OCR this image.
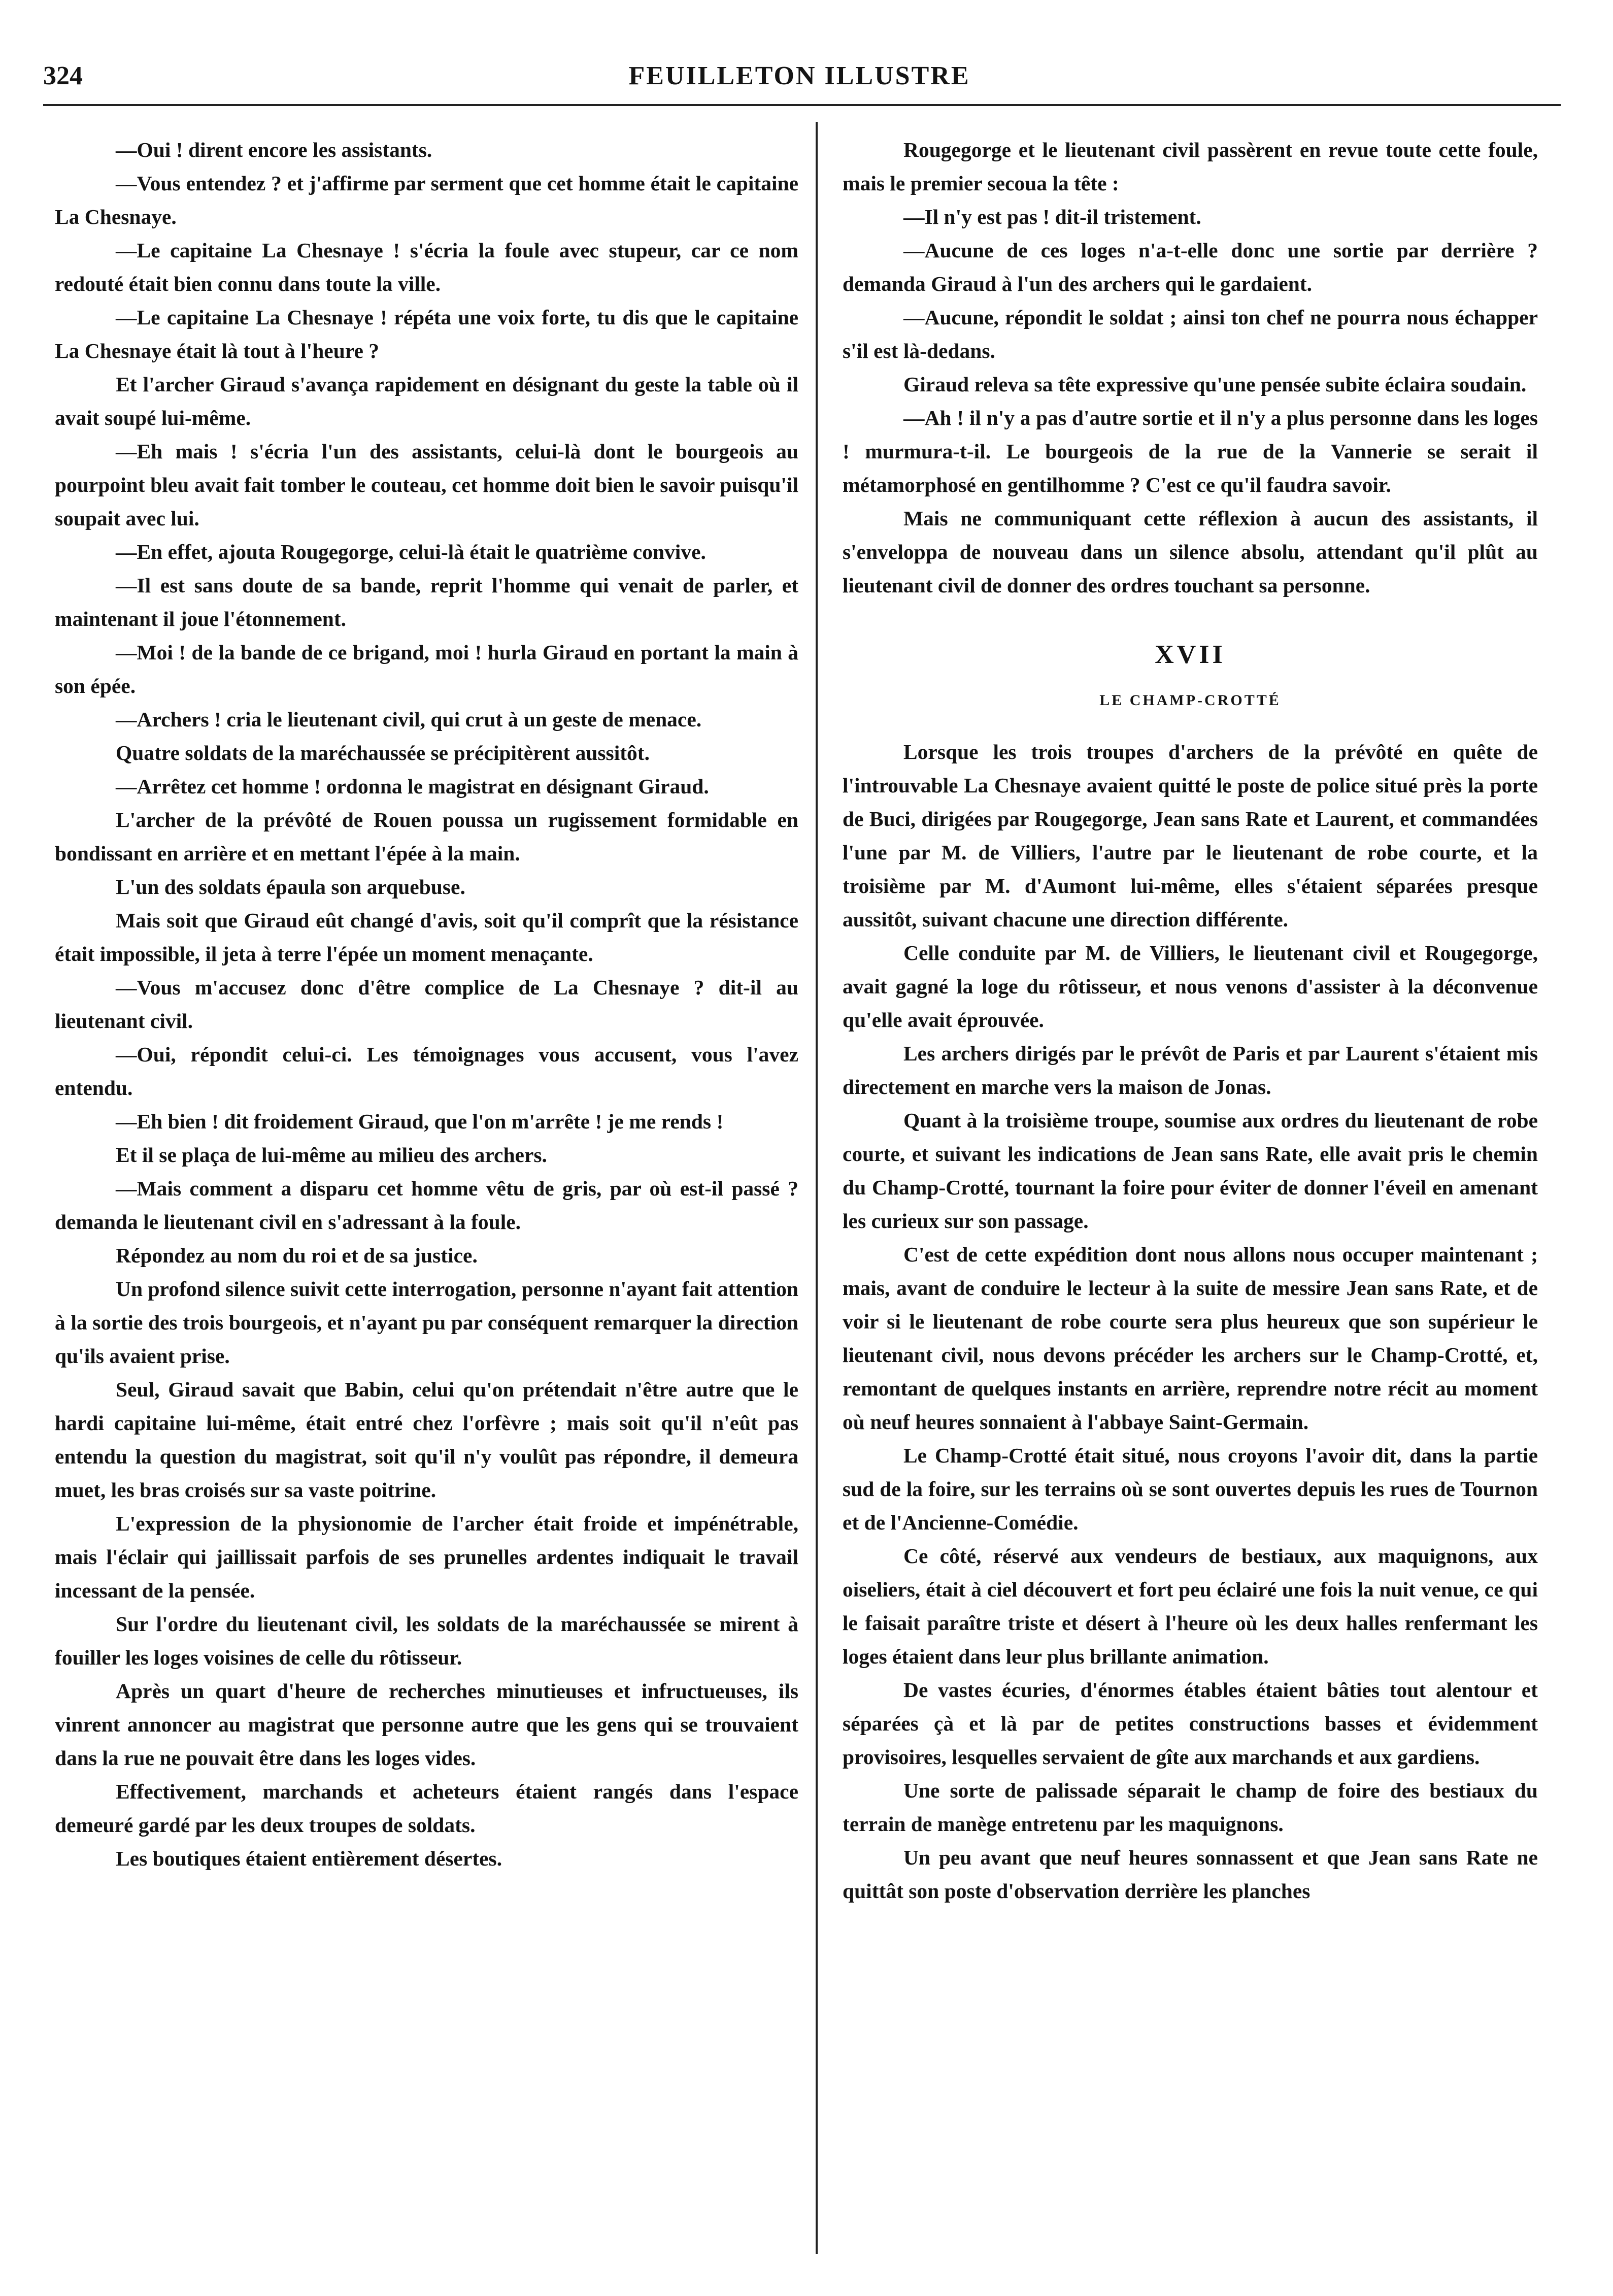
324	FEUILLETON ILLUSTRE

—Oui ! dirent encore les assistants.

—Vous entendez ? et j'affirme par serment que cet homme était le capitaine La Chesnaye.

—Le capitaine La Chesnaye ! s'écria la foule avec stupeur, car ce nom redouté était bien connu dans toute la ville.

—Le capitaine La Chesnaye ! répéta une voix forte, tu dis que le capitaine La Chesnaye était là tout à l'heure ?

Et l'archer Giraud s'avança rapidement en désignant du geste la table où il avait soupé lui-même.

—Eh mais ! s'écria l'un des assistants, celui-là dont le bourgeois au pourpoint bleu avait fait tomber le couteau, cet homme doit bien le savoir puisqu'il soupait avec lui.

—En effet, ajouta Rougegorge, celui-là était le quatrième convive.

—Il est sans doute de sa bande, reprit l'homme qui venait de parler, et maintenant il joue l'étonnement.

—Moi ! de la bande de ce brigand, moi ! hurla Giraud en portant la main à son épée.

—Archers ! cria le lieutenant civil, qui crut à un geste de menace.

Quatre soldats de la maréchaussée se précipitèrent aussitôt.

—Arrêtez cet homme ! ordonna le magistrat en désignant Giraud.

L'archer de la prévôté de Rouen poussa un rugissement formidable en bondissant en arrière et en mettant l'épée à la main.

L'un des soldats épaula son arquebuse.

Mais soit que Giraud eût changé d'avis, soit qu'il comprît que la résistance était impossible, il jeta à terre l'épée un moment menaçante.

—Vous m'accusez donc d'être complice de La Chesnaye ? dit-il au lieutenant civil.

—Oui, répondit celui-ci. Les témoignages vous accusent, vous l'avez entendu.

—Eh bien ! dit froidement Giraud, que l'on m'arrête ! je me rends !

Et il se plaça de lui-même au milieu des archers.

—Mais comment a disparu cet homme vêtu de gris, par où est-il passé ? demanda le lieutenant civil en s'adressant à la foule.

Répondez au nom du roi et de sa justice.

Un profond silence suivit cette interrogation, personne n'ayant fait attention à la sortie des trois bourgeois, et n'ayant pu par conséquent remarquer la direction qu'ils avaient prise.

Seul, Giraud savait que Babin, celui qu'on prétendait n'être autre que le hardi capitaine lui-même, était entré chez l'orfèvre ; mais soit qu'il n'eût pas entendu la question du magistrat, soit qu'il n'y voulût pas répondre, il demeura muet, les bras croisés sur sa vaste poitrine.

L'expression de la physionomie de l'archer était froide et impénétrable, mais l'éclair qui jaillissait parfois de ses prunelles ardentes indiquait le travail incessant de la pensée.

Sur l'ordre du lieutenant civil, les soldats de la maréchaussée se mirent à fouiller les loges voisines de celle du rôtisseur.

Après un quart d'heure de recherches minutieuses et infructueuses, ils vinrent annoncer au magistrat que personne autre que les gens qui se trouvaient dans la rue ne pouvait être dans les loges vides.

Effectivement, marchands et acheteurs étaient rangés dans l'espace demeuré gardé par les deux troupes de soldats.

Les boutiques étaient entièrement désertes.

Rougegorge et le lieutenant civil passèrent en revue toute cette foule, mais le premier secoua la tête :

—Il n'y est pas ! dit-il tristement.

—Aucune de ces loges n'a-t-elle donc une sortie par derrière ? demanda Giraud à l'un des archers qui le gardaient.

—Aucune, répondit le soldat ; ainsi ton chef ne pourra nous échapper s'il est là-dedans.

Giraud releva sa tête expressive qu'une pensée subite éclaira soudain.

—Ah ! il n'y a pas d'autre sortie et il n'y a plus personne dans les loges ! murmura-t-il. Le bourgeois de la rue de la Vannerie se serait il métamorphosé en gentilhomme ? C'est ce qu'il faudra savoir.

Mais ne communiquant cette réflexion à aucun des assistants, il s'enveloppa de nouveau dans un silence absolu, attendant qu'il plût au lieutenant civil de donner des ordres touchant sa personne.

XVII
LE CHAMP-CROTTÉ

Lorsque les trois troupes d'archers de la prévôté en quête de l'introuvable La Chesnaye avaient quitté le poste de police situé près la porte de Buci, dirigées par Rougegorge, Jean sans Rate et Laurent, et commandées l'une par M. de Villiers, l'autre par le lieutenant de robe courte, et la troisième par M. d'Aumont lui-même, elles s'étaient séparées presque aussitôt, suivant chacune une direction différente.

Celle conduite par M. de Villiers, le lieutenant civil et Rougegorge, avait gagné la loge du rôtisseur, et nous venons d'assister à la déconvenue qu'elle avait éprouvée.

Les archers dirigés par le prévôt de Paris et par Laurent s'étaient mis directement en marche vers la maison de Jonas.

Quant à la troisième troupe, soumise aux ordres du lieutenant de robe courte, et suivant les indications de Jean sans Rate, elle avait pris le chemin du Champ-Crotté, tournant la foire pour éviter de donner l'éveil en amenant les curieux sur son passage.

C'est de cette expédition dont nous allons nous occuper maintenant ; mais, avant de conduire le lecteur à la suite de messire Jean sans Rate, et de voir si le lieutenant de robe courte sera plus heureux que son supérieur le lieutenant civil, nous devons précéder les archers sur le Champ-Crotté, et, remontant de quelques instants en arrière, reprendre notre récit au moment où neuf heures sonnaient à l'abbaye Saint-Germain.

Le Champ-Crotté était situé, nous croyons l'avoir dit, dans la partie sud de la foire, sur les terrains où se sont ouvertes depuis les rues de Tournon et de l'Ancienne-Comédie.

Ce côté, réservé aux vendeurs de bestiaux, aux maquignons, aux oiseliers, était à ciel découvert et fort peu éclairé une fois la nuit venue, ce qui le faisait paraître triste et désert à l'heure où les deux halles renfermant les loges étaient dans leur plus brillante animation.

De vastes écuries, d'énormes étables étaient bâties tout alentour et séparées çà et là par de petites constructions basses et évidemment provisoires, lesquelles servaient de gîte aux marchands et aux gardiens.

Une sorte de palissade séparait le champ de foire des bestiaux du terrain de manège entretenu par les maquignons.

Un peu avant que neuf heures sonnassent et que Jean sans Rate ne quittât son poste d'observation derrière les planches
